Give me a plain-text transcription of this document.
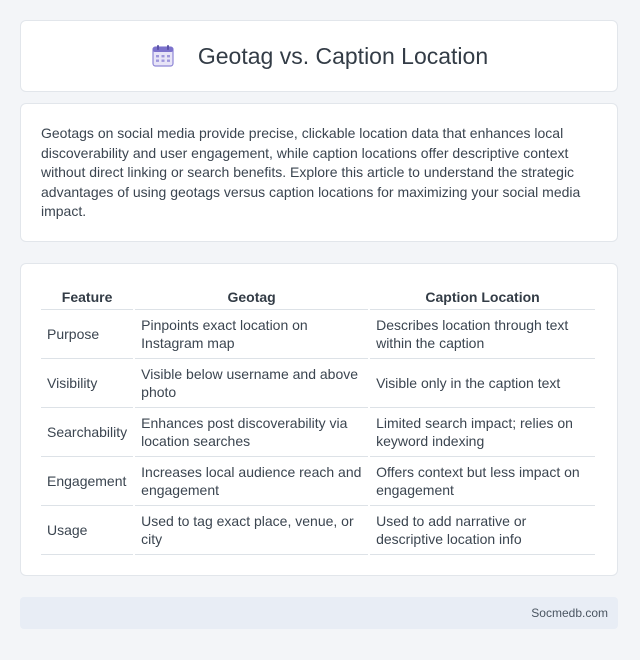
Geotag vs. Caption Location

Geotags on social media provide precise, clickable location data that enhances local discoverability and user engagement, while caption locations offer descriptive context without direct linking or search benefits. Explore this article to understand the strategic advantages of using geotags versus caption locations for maximizing your social media impact.

Feature	Geotag	Caption Location
Purpose	Pinpoints exact location on Instagram map	Describes location through text within the caption
Visibility	Visible below username and above photo	Visible only in the caption text
Searchability	Enhances post discoverability via location searches	Limited search impact; relies on keyword indexing
Engagement	Increases local audience reach and engagement	Offers context but less impact on engagement
Usage	Used to tag exact place, venue, or city	Used to add narrative or descriptive location info
Socmedb.com
